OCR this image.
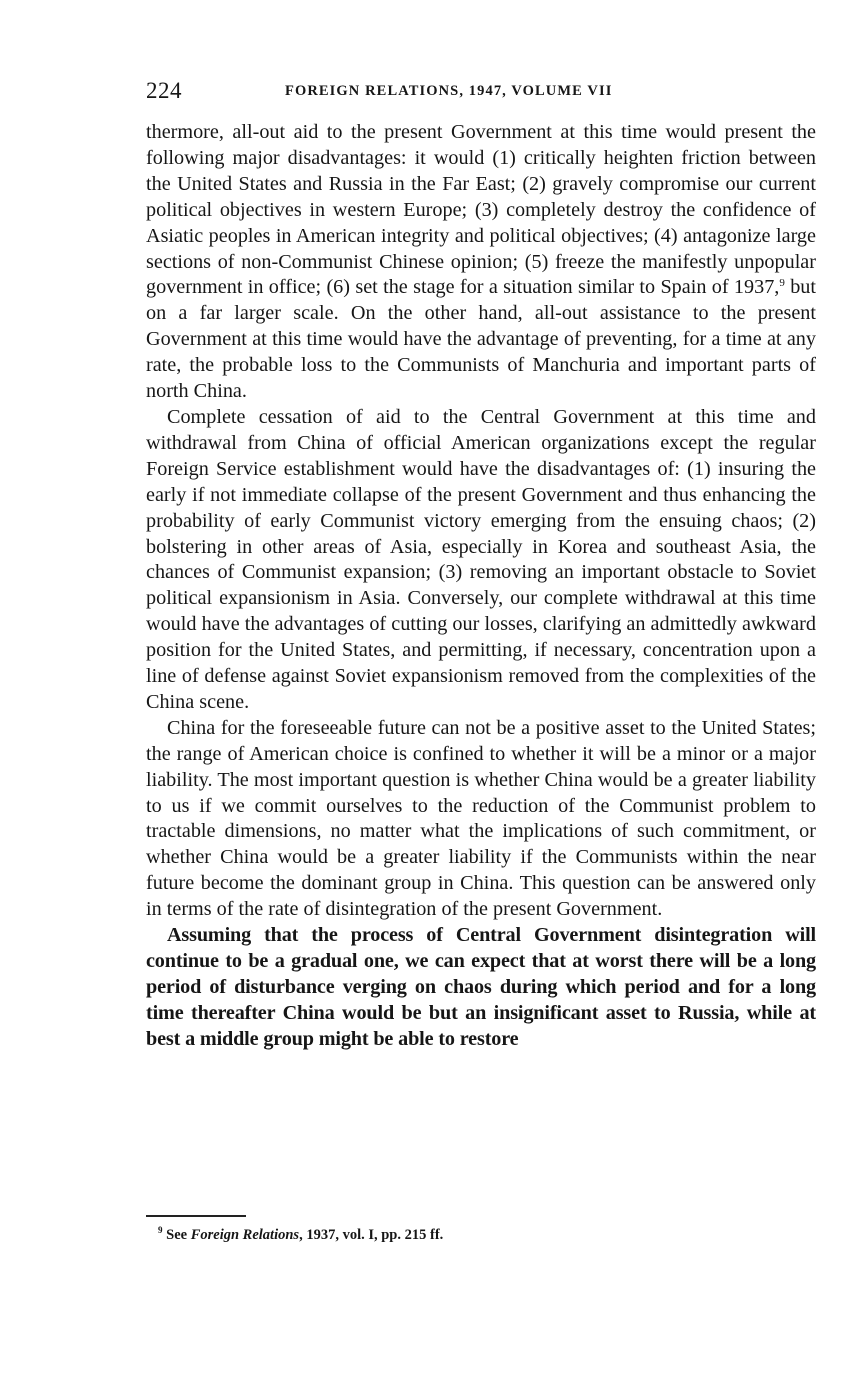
224	FOREIGN RELATIONS, 1947, VOLUME VII

thermore, all-out aid to the present Government at this time would present the following major disadvantages: it would (1) critically heighten friction between the United States and Russia in the Far East; (2) gravely compromise our current political objectives in western Europe; (3) completely destroy the confidence of Asiatic peoples in American integrity and political objectives; (4) antagonize large sections of non-Communist Chinese opinion; (5) freeze the manifestly unpopular government in office; (6) set the stage for a situation similar to Spain of 1937,$^9$ but on a far larger scale. On the other hand, all-out assistance to the present Government at this time would have the advantage of preventing, for a time at any rate, the probable loss to the Communists of Manchuria and important parts of north China.

Complete cessation of aid to the Central Government at this time and withdrawal from China of official American organizations except the regular Foreign Service establishment would have the disadvantages of: (1) insuring the early if not immediate collapse of the present Government and thus enhancing the probability of early Communist victory emerging from the ensuing chaos; (2) bolstering in other areas of Asia, especially in Korea and southeast Asia, the chances of Communist expansion; (3) removing an important obstacle to Soviet political expansionism in Asia. Conversely, our complete withdrawal at this time would have the advantages of cutting our losses, clarifying an admittedly awkward position for the United States, and permitting, if necessary, concentration upon a line of defense against Soviet expansionism removed from the complexities of the China scene.

China for the foreseeable future can not be a positive asset to the United States; the range of American choice is confined to whether it will be a minor or a major liability. The most important question is whether China would be a greater liability to us if we commit ourselves to the reduction of the Communist problem to tractable dimensions, no matter what the implications of such commitment, or whether China would be a greater liability if the Communists within the near future become the dominant group in China. This question can be answered only in terms of the rate of disintegration of the present Government.

Assuming that the process of Central Government disintegration will continue to be a gradual one, we can expect that at worst there will be a long period of disturbance verging on chaos during which period and for a long time thereafter China would be but an insignificant asset to Russia, while at best a middle group might be able to restore

$^9$ See Foreign Relations, 1937, vol. I, pp. 215 ff.
